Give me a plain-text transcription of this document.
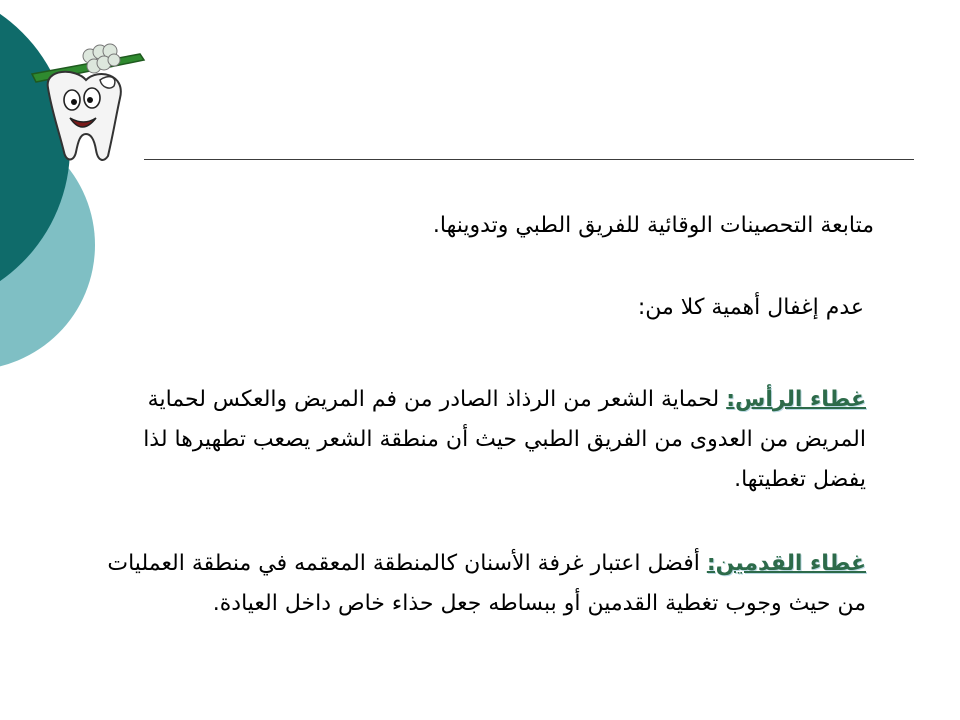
متابعة التحصينات الوقائية للفريق الطبي وتدوينها.
عدم إغفال أهمية كلا من:
غطاء الرأس: لحماية الشعر من الرذاذ الصادر من فم المريض والعكس لحماية المريض من العدوى من الفريق الطبي حيث أن منطقة الشعر يصعب تطهيرها لذا يفضل تغطيتها.
غطاء القدمين: أفضل اعتبار غرفة الأسنان كالمنطقة المعقمه في منطقة العمليات من حيث وجوب تغطية القدمين أو ببساطه جعل حذاء خاص داخل العيادة.
